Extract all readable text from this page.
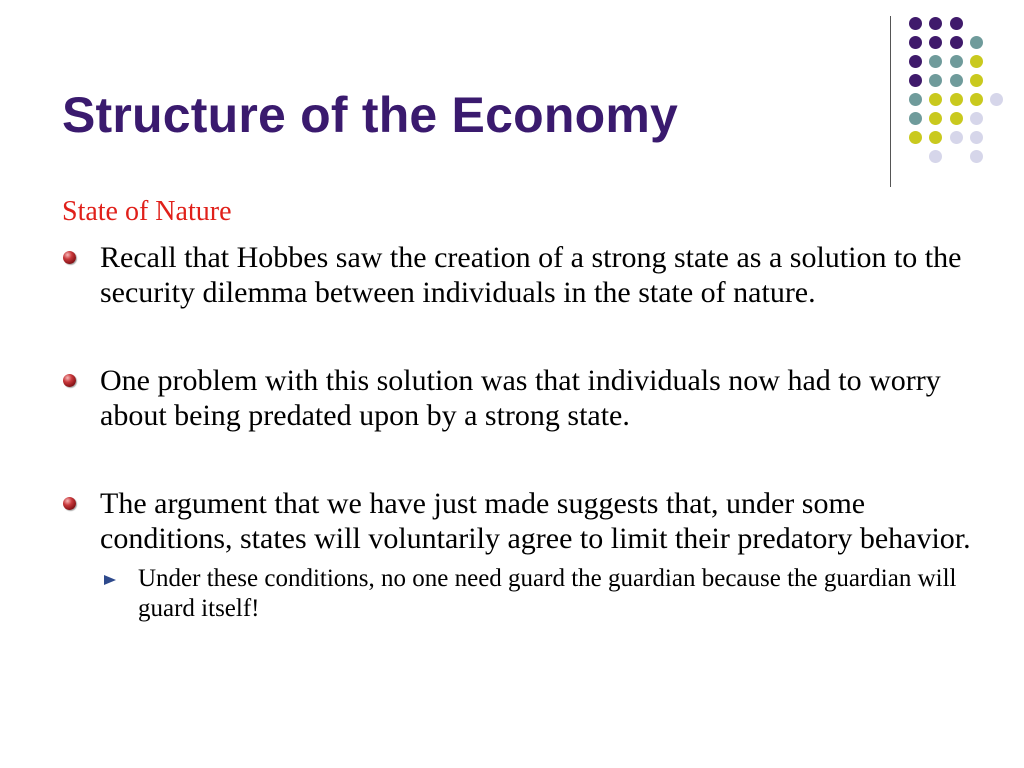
Structure of the Economy

State of Nature

Recall that Hobbes saw the creation of a strong state as a solution to the security dilemma between individuals in the state of nature.
One problem with this solution was that individuals now had to worry about being predated upon by a strong state.
The argument that we have just made suggests that, under some conditions, states will voluntarily agree to limit their predatory behavior.
Under these conditions, no one need guard the guardian because the guardian will guard itself!
